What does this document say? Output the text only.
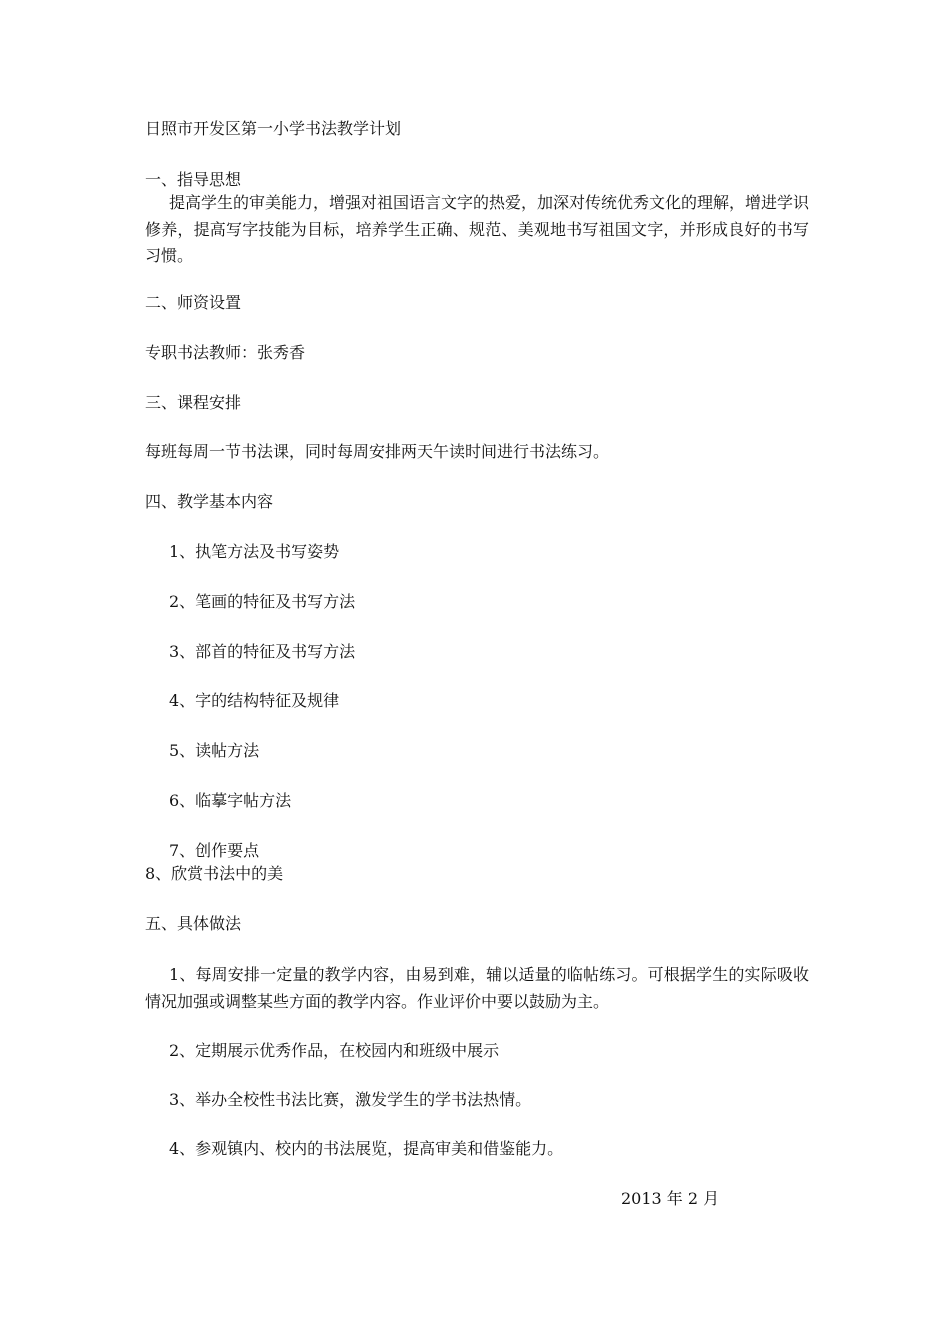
日照市开发区第一小学书法教学计划

一、指导思想

提高学生的审美能力，增强对祖国语言文字的热爱，加深对传统优秀文化的理解，增进学识修养，提高写字技能为目标，培养学生正确、规范、美观地书写祖国文字，并形成良好的书写习惯。

二、师资设置

专职书法教师：张秀香

三、课程安排

每班每周一节书法课，同时每周安排两天午读时间进行书法练习。

四、教学基本内容

1、执笔方法及书写姿势

2、笔画的特征及书写方法

3、部首的特征及书写方法

4、字的结构特征及规律

5、读帖方法

6、临摹字帖方法

7、创作要点

8、欣赏书法中的美

五、具体做法

1、每周安排一定量的教学内容，由易到难，辅以适量的临帖练习。可根据学生的实际吸收情况加强或调整某些方面的教学内容。作业评价中要以鼓励为主。

2、定期展示优秀作品，在校园内和班级中展示

3、举办全校性书法比赛，激发学生的学书法热情。

4、参观镇内、校内的书法展览，提高审美和借鉴能力。

2013 年 2 月
